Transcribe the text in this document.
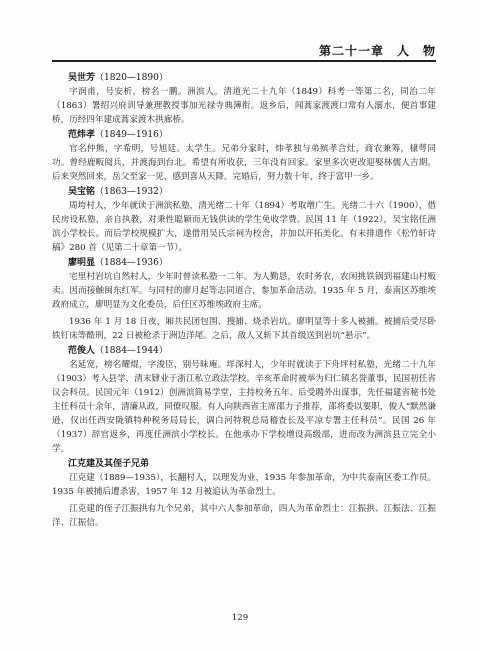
第二十一章　人　物
吴世芳（1820—1890）

字润甫，号安析，榜名一鹏。洲滨人。清道光二十九年（1849）科考一等第二名，同治二年（1863）署绍兴府训导兼理教授事加光禄寺典簿衔。返乡后，闻蒿家渡渡口常有人溺水，便首事建桥，历经四年建成蒿家渡木拱廊桥。

范炜孝（1849—1916）

官名仲熊，字希明，号旭廷。太学生。兄弟分家时，炜孝独与弟殡孝合灶，商农兼筹，棣萼同功。曾经鹿畈阅兵，并渡海到台北。希望有所收获，三年没有回家。家里多次更改迎娶林儒人吉期。后来突然回来，岳父至家一见，感到喜从天降。完婚后，努力数十年，终于富甲一乡。

吴宝铭（1863—1932）

周垮村人，少年就读于洲滨私塾，清光绪二十年（1894）考取增广生。光绪二十六（1900），借民房设私塾，亲自执教，对秉性聪颖而无钱供读的学生免收学费。民国 11 年（1922），吴宝铭任洲滨小学校长。而后学校规模扩大，遂借用吴氏宗祠为校舍，并加以开拓美化。有未排遗作《松竹轩诗稿》280 首（见第二十章第一节）。

廖明显（1884—1936）

宅里村岩坑自然村人，少年时曾读私塾一二年。为人勤恳，农时务农，农闲挑铁锅到福建山村贩卖。因而接触闽东红军。与同村的廖月起等志同道合，参加革命活动。1935 年 5 月，泰南区苏维埃政府成立，廖明显为文化委员，后任区苏维埃政府主席。

1936 年 1 月 18 日夜，厢共民团包围、搜捕、烧杀岩坑。廖明显等十多人被捕。被捕后受尽卧铁钉床等酷刑，22 日被枪杀于洲边洋尾。之后，敌人又斩下其首级送到岩坑“悬示”。

范俊人（1884—1944）

名延宽，榜名耀焜，字浚臣，别号昧庵。垟深村人，少年时就读于下舟坪村私塾，光绪二十九年（1903）考入县学，清末肄业于浙江私立政法学校。辛亥革命时被举为归仁镇名誉董事，民国初任省议会科员。民国元年（1912）创洲滨简易学堂，主持校务五年。后受聘外出谋事，先任福建省秘书处主任科员十余年，清廉从政，同僚叹服。有人向陕西省主席邵力子推荐，邵将委以要职，俊人“默然谦逊，仅出任西安陇镇特种税务局局长，调白河特税总局稽查长及平凉专署主任科员”。民国 26 年（1937）辞官返乡，再度任洲滨小学校长。在他承办下学校增设高级部，进而改为洲滨县立完全小学。

江克建及其侄子兄弟

江克建（1889—1935），长翻村人，以理发为业，1935 年参加革命，为中共泰南区委工作员。1935 年被捕后遭杀害，1957 年 12 月被追认为革命烈士。

江克建的侄子江振拱有九个兄弟，其中六人参加革命，四人为革命烈士：江振拱、江振法、江振洋、江振信。

129
